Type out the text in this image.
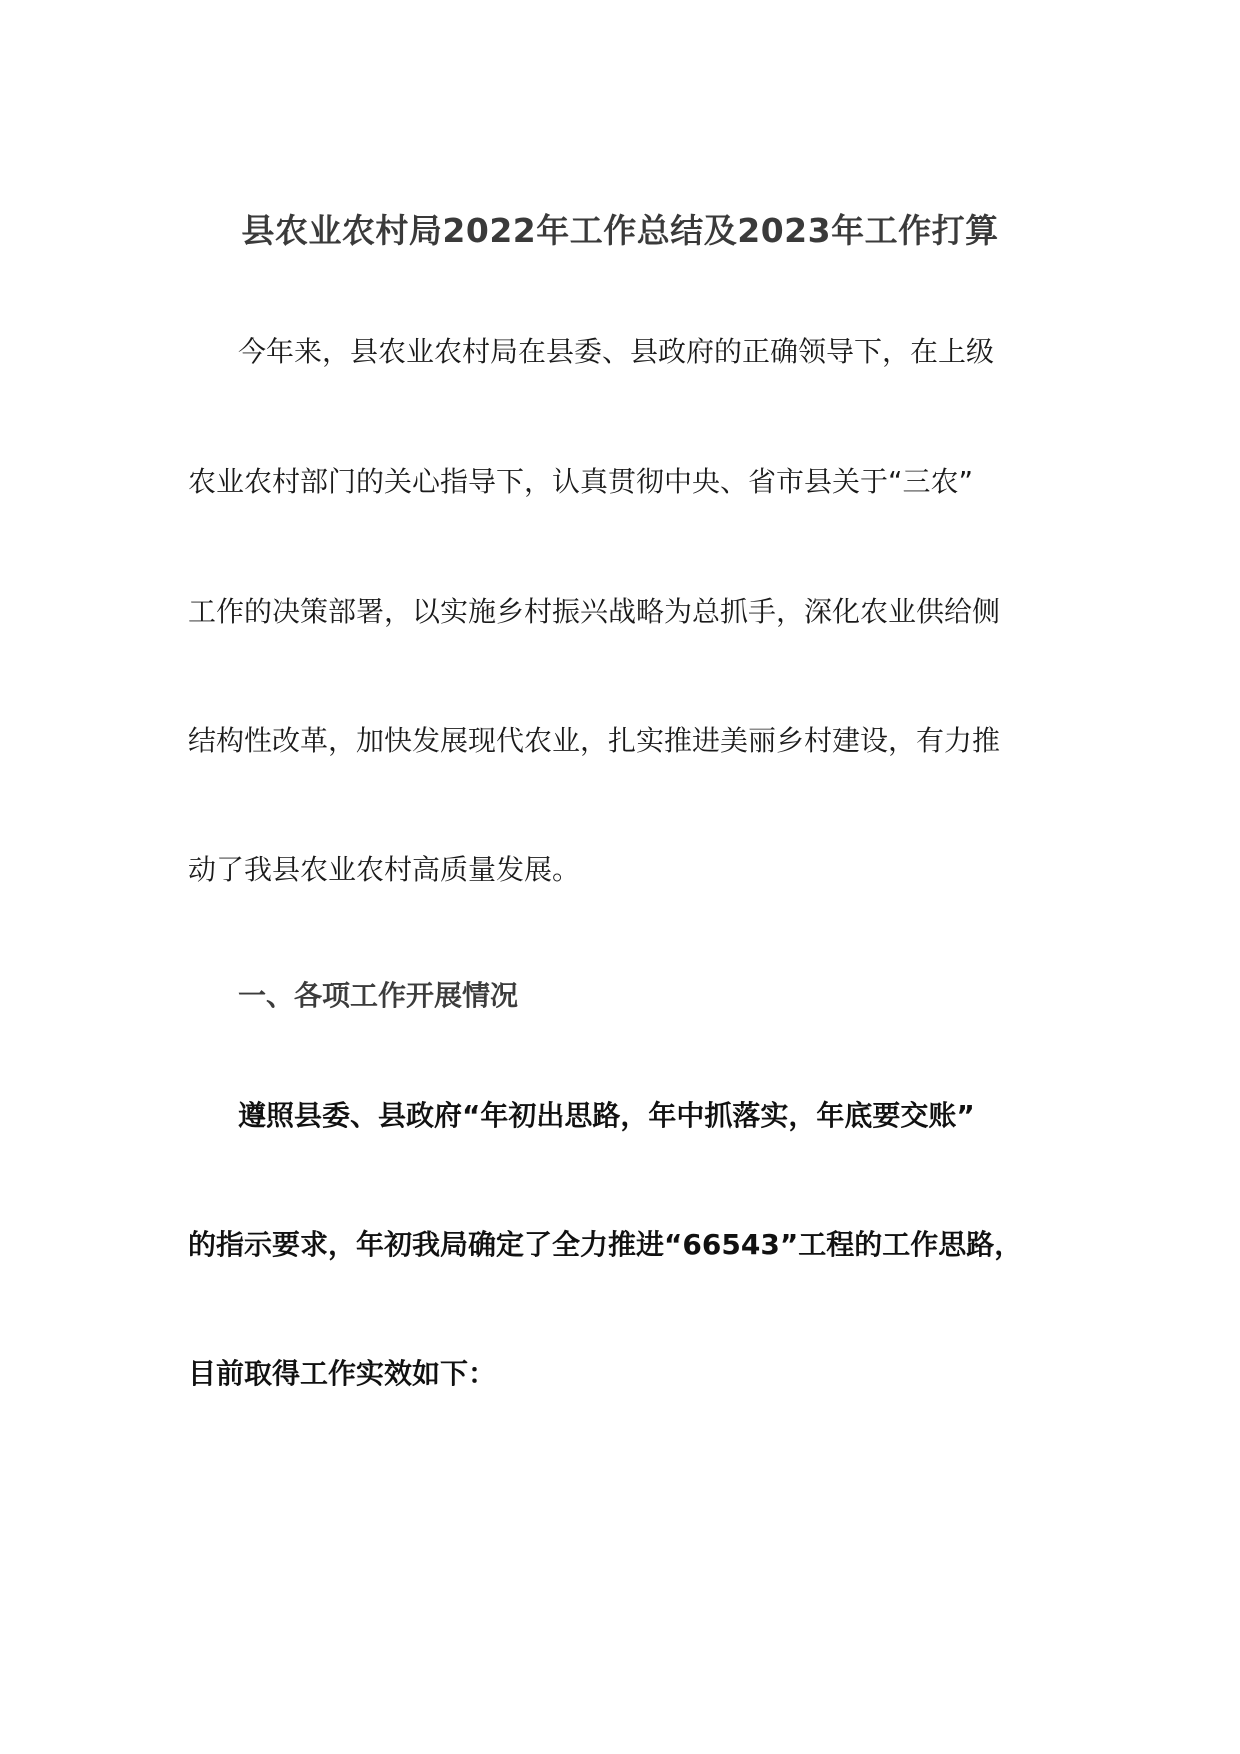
县农业农村局2022年工作总结及2023年工作打算
今年来，县农业农村局在县委、县政府的正确领导下，在上级
农业农村部门的关心指导下，认真贯彻中央、省市县关于“三农”
工作的决策部署，以实施乡村振兴战略为总抓手，深化农业供给侧
结构性改革，加快发展现代农业，扎实推进美丽乡村建设，有力推
动了我县农业农村高质量发展。
一、各项工作开展情况
遵照县委、县政府“年初出思路，年中抓落实，年底要交账”
的指示要求，年初我局确定了全力推进“66543”工程的工作思路，
目前取得工作实效如下：
